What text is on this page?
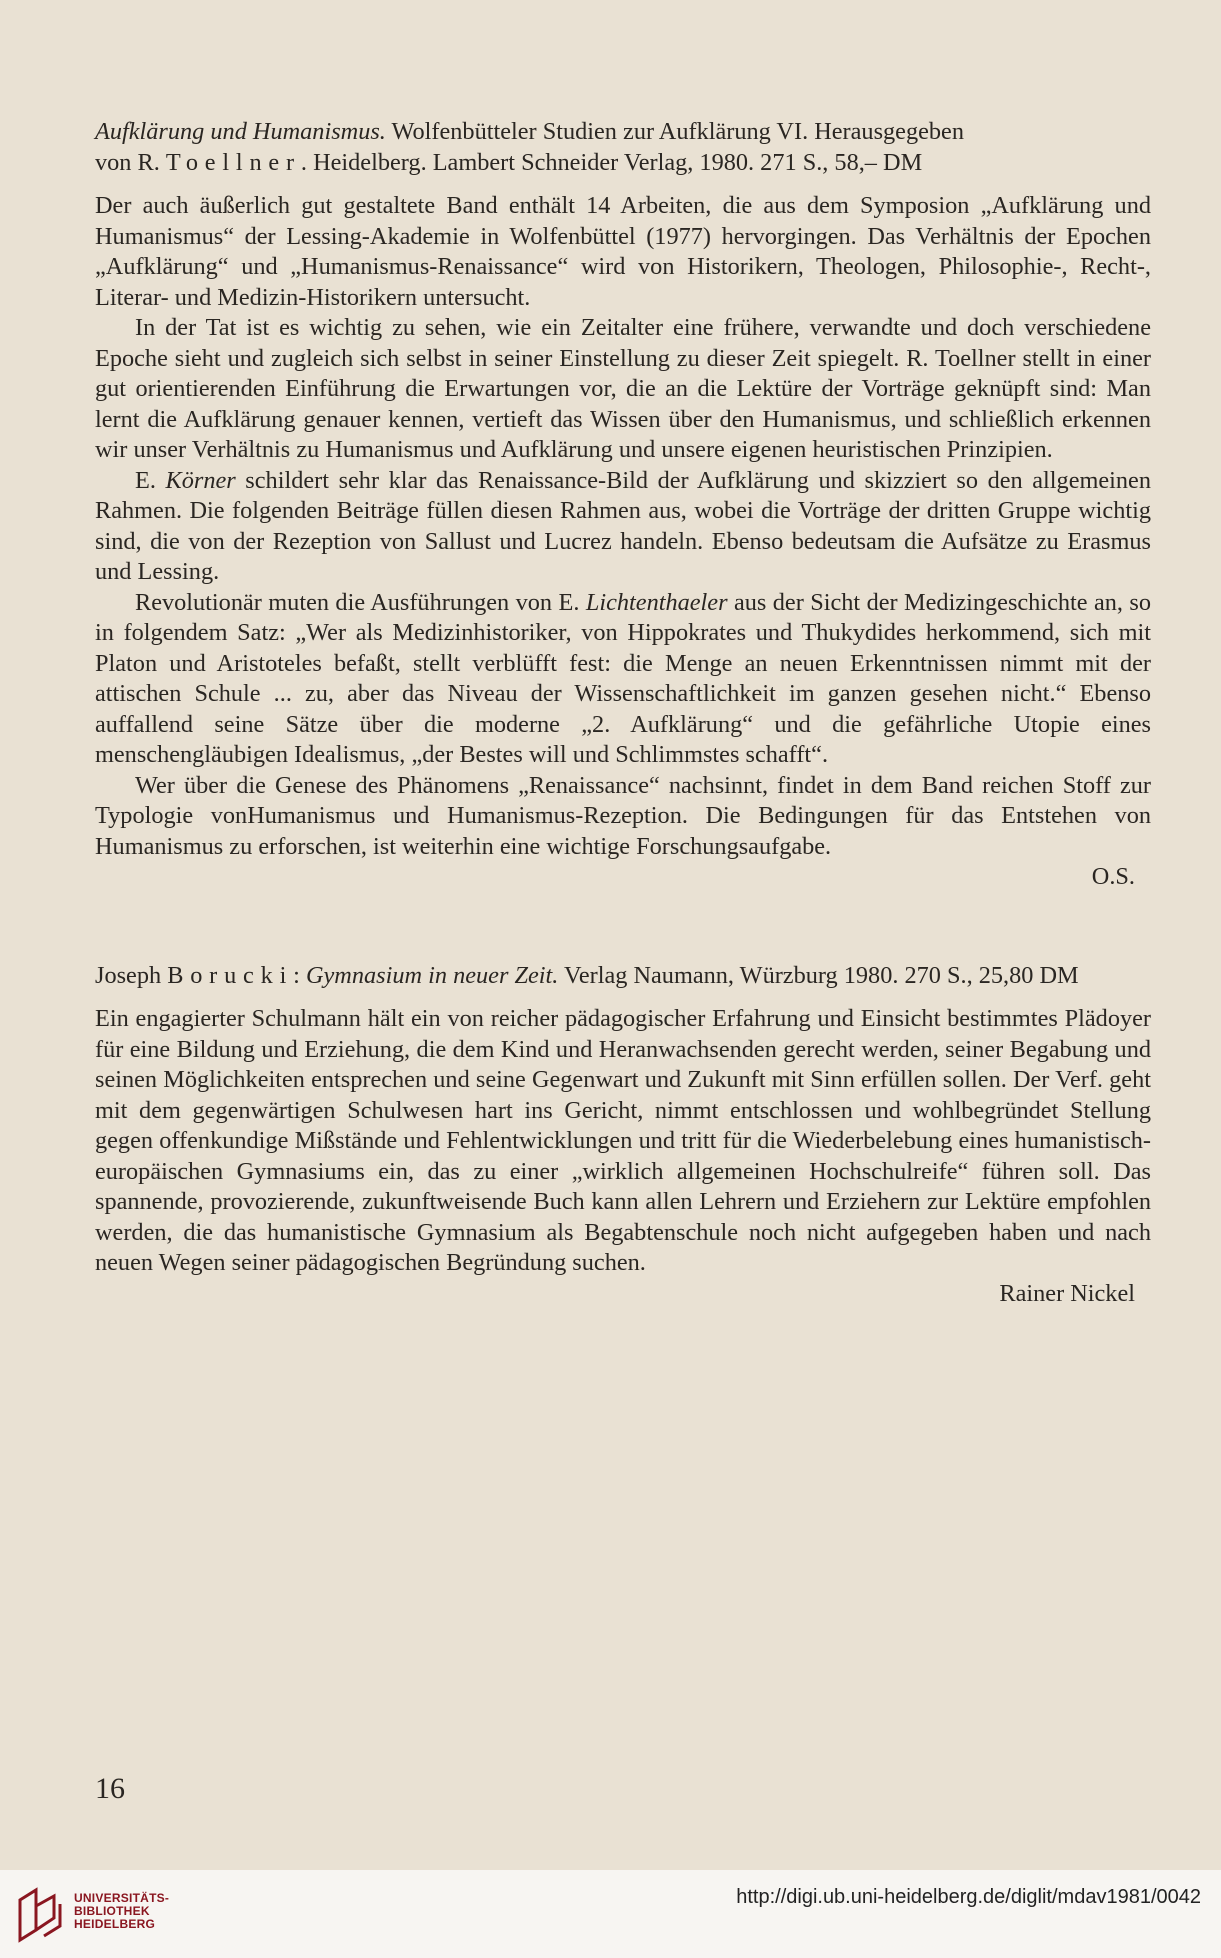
Aufklärung und Humanismus. Wolfenbütteler Studien zur Aufklärung VI. Herausgegeben
von R. Toellner. Heidelberg. Lambert Schneider Verlag, 1980. 271 S., 58,– DM

Der auch äußerlich gut gestaltete Band enthält 14 Arbeiten, die aus dem Symposion „Aufklärung und Humanismus“ der Lessing-Akademie in Wolfenbüttel (1977) hervorgingen. Das Verhältnis der Epochen „Aufklärung“ und „Humanismus-Renaissance“ wird von Historikern, Theologen, Philosophie-, Recht-, Literar- und Medizin-Historikern untersucht.

In der Tat ist es wichtig zu sehen, wie ein Zeitalter eine frühere, verwandte und doch verschiedene Epoche sieht und zugleich sich selbst in seiner Einstellung zu dieser Zeit spiegelt. R. Toellner stellt in einer gut orientierenden Einführung die Erwartungen vor, die an die Lektüre der Vorträge geknüpft sind: Man lernt die Aufklärung genauer kennen, vertieft das Wissen über den Humanismus, und schließlich erkennen wir unser Verhältnis zu Humanismus und Aufklärung und unsere eigenen heuristischen Prinzipien.

E. Körner schildert sehr klar das Renaissance-Bild der Aufklärung und skizziert so den allgemeinen Rahmen. Die folgenden Beiträge füllen diesen Rahmen aus, wobei die Vorträge der dritten Gruppe wichtig sind, die von der Rezeption von Sallust und Lucrez handeln. Ebenso bedeutsam die Aufsätze zu Erasmus und Lessing.

Revolutionär muten die Ausführungen von E. Lichtenthaeler aus der Sicht der Medizingeschichte an, so in folgendem Satz: „Wer als Medizinhistoriker, von Hippokrates und Thukydides herkommend, sich mit Platon und Aristoteles befaßt, stellt verblüfft fest: die Menge an neuen Erkenntnissen nimmt mit der attischen Schule ... zu, aber das Niveau der Wissenschaftlichkeit im ganzen gesehen nicht.“ Ebenso auffallend seine Sätze über die moderne „2. Aufklärung“ und die gefährliche Utopie eines menschengläubigen Idealismus, „der Bestes will und Schlimmstes schafft“.

Wer über die Genese des Phänomens „Renaissance“ nachsinnt, findet in dem Band reichen Stoff zur Typologie vonHumanismus und Humanismus-Rezeption. Die Bedingungen für das Entstehen von Humanismus zu erforschen, ist weiterhin eine wichtige Forschungsaufgabe.

O.S.

Joseph Borucki: Gymnasium in neuer Zeit. Verlag Naumann, Würzburg 1980. 270 S., 25,80 DM

Ein engagierter Schulmann hält ein von reicher pädagogischer Erfahrung und Einsicht bestimmtes Plädoyer für eine Bildung und Erziehung, die dem Kind und Heranwachsenden gerecht werden, seiner Begabung und seinen Möglichkeiten entsprechen und seine Gegenwart und Zukunft mit Sinn erfüllen sollen. Der Verf. geht mit dem gegenwärtigen Schulwesen hart ins Gericht, nimmt entschlossen und wohlbegründet Stellung gegen offenkundige Mißstände und Fehlentwicklungen und tritt für die Wiederbelebung eines humanistisch-europäischen Gymnasiums ein, das zu einer „wirklich allgemeinen Hochschulreife“ führen soll. Das spannende, provozierende, zukunftweisende Buch kann allen Lehrern und Erziehern zur Lektüre empfohlen werden, die das humanistische Gymnasium als Begabtenschule noch nicht aufgegeben haben und nach neuen Wegen seiner pädagogischen Begründung suchen.

Rainer Nickel

16
UNIVERSITÄTS-
BIBLIOTHEK
HEIDELBERG
http://digi.ub.uni-heidelberg.de/diglit/mdav1981/0042
